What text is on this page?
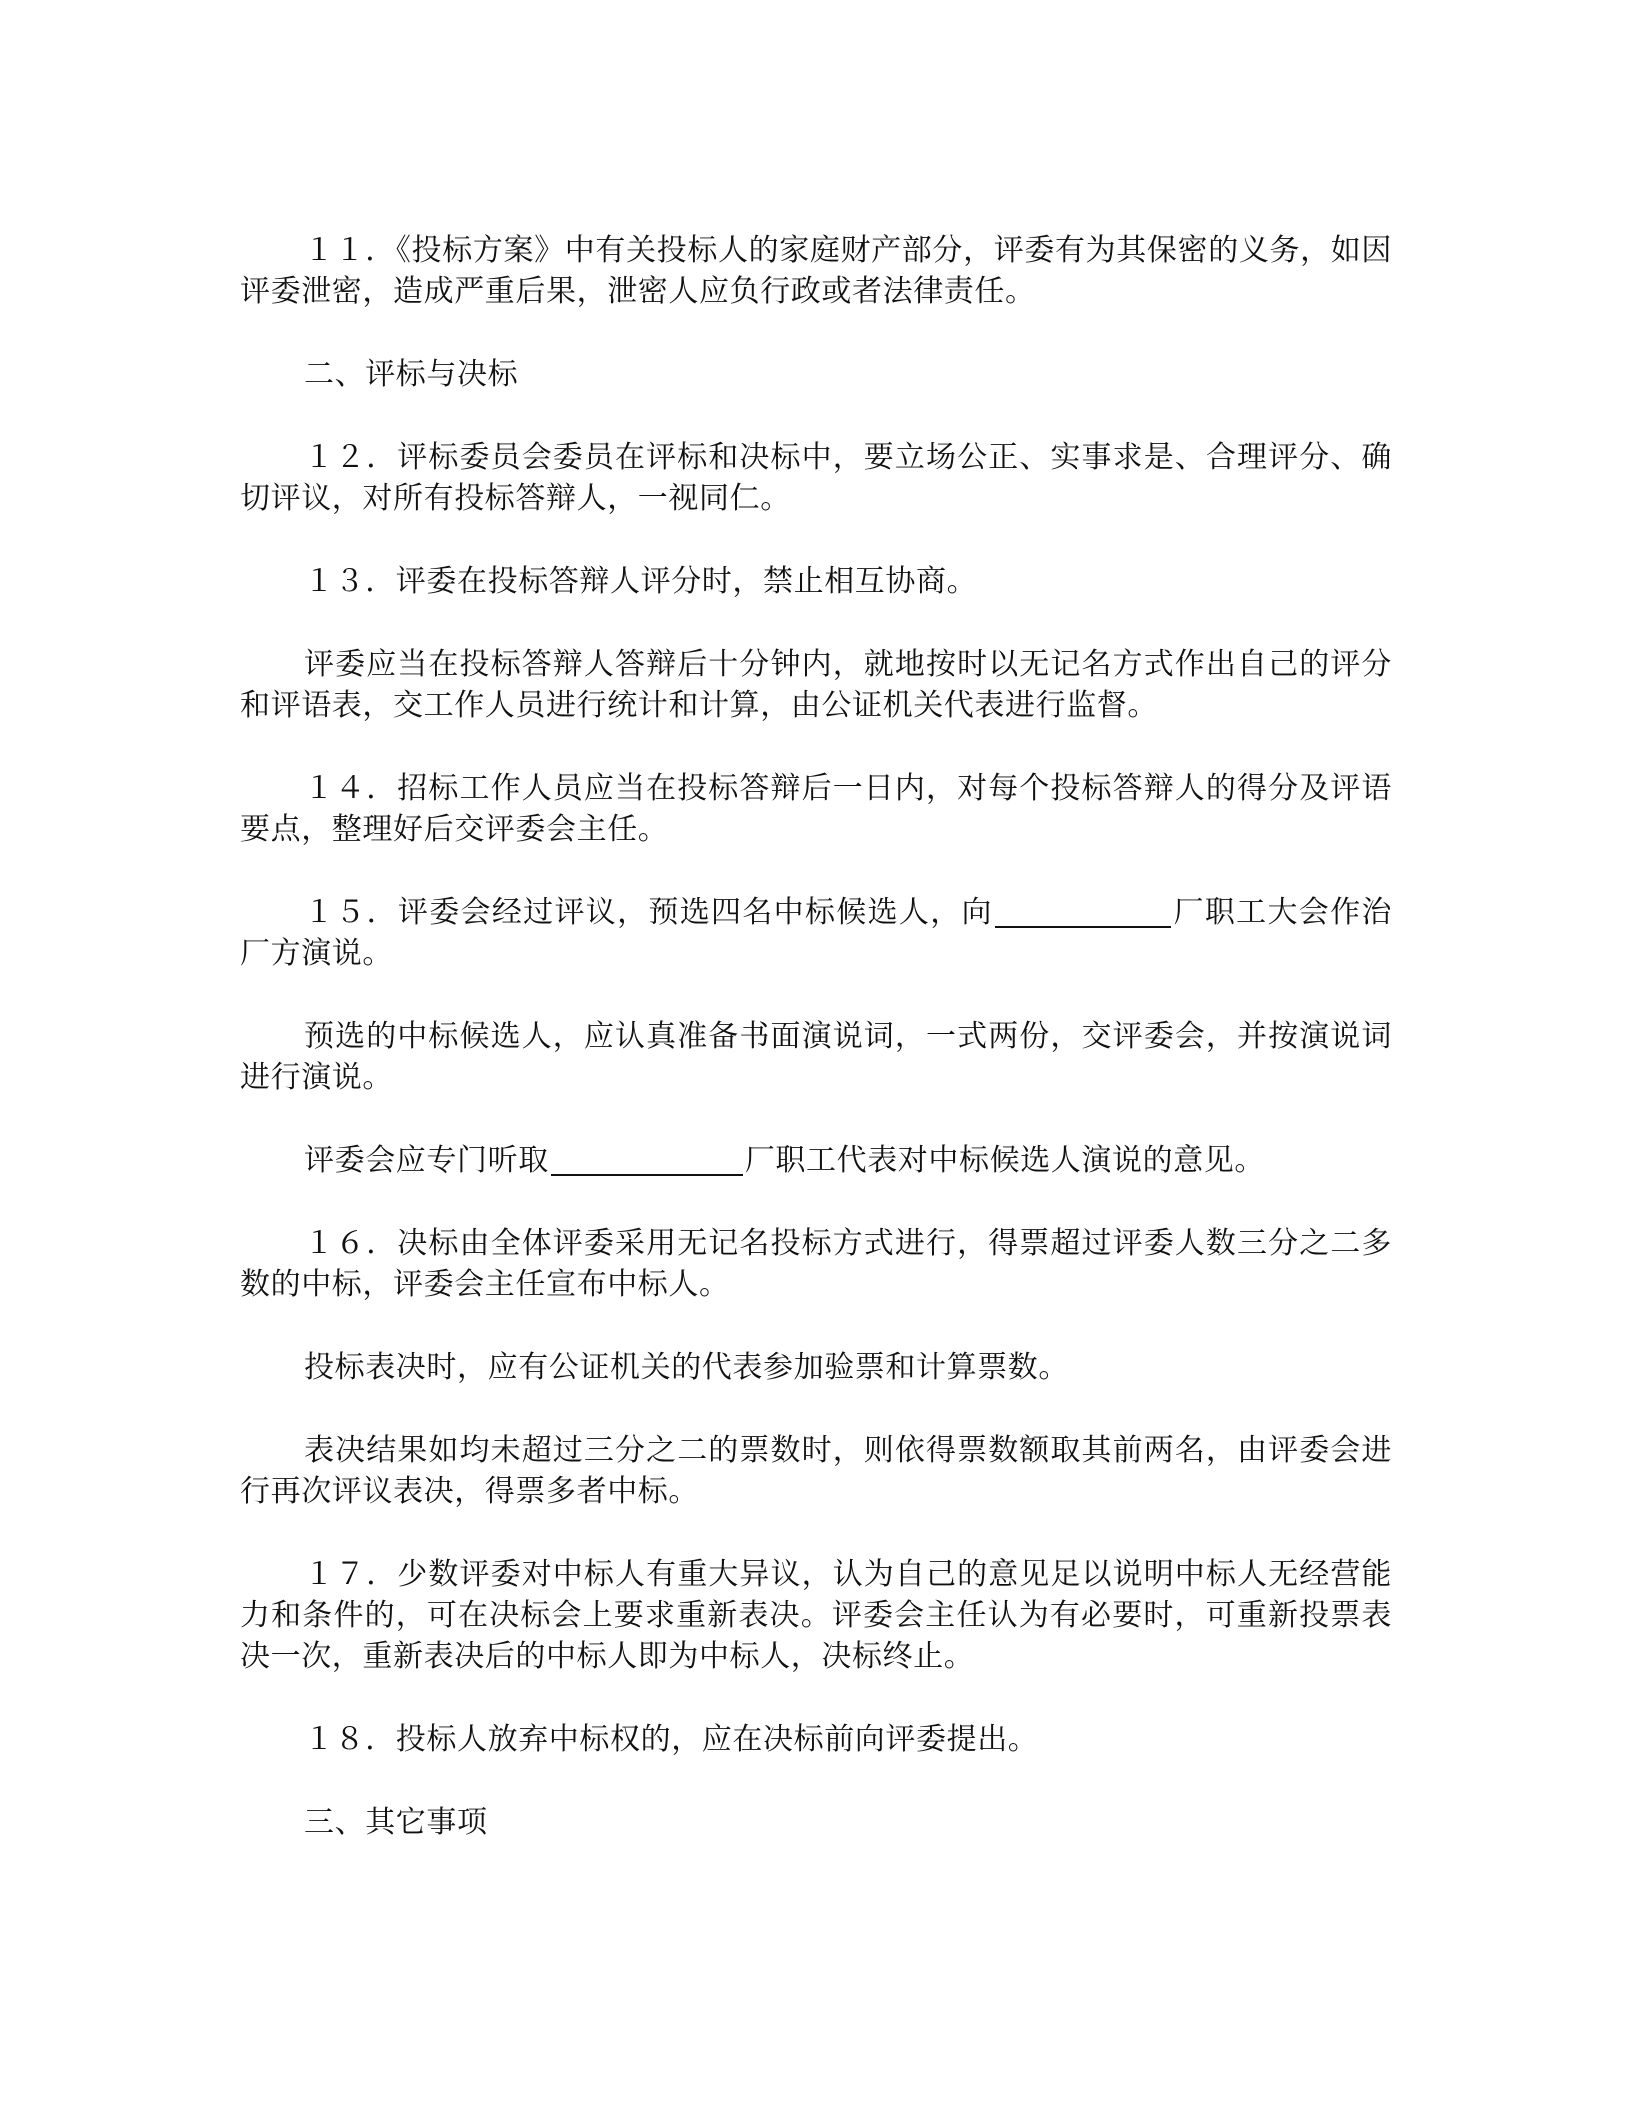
１１．《投标方案》中有关投标人的家庭财产部分，评委有为其保密的义务，如因评委泄密，造成严重后果，泄密人应负行政或者法律责任。

二、评标与决标

１２．评标委员会委员在评标和决标中，要立场公正、实事求是、合理评分、确切评议，对所有投标答辩人，一视同仁。

１３．评委在投标答辩人评分时，禁止相互协商。

评委应当在投标答辩人答辩后十分钟内，就地按时以无记名方式作出自己的评分和评语表，交工作人员进行统计和计算，由公证机关代表进行监督。

１４．招标工作人员应当在投标答辩后一日内，对每个投标答辩人的得分及评语要点，整理好后交评委会主任。

１５．评委会经过评议，预选四名中标候选人，向	厂职工大会作治厂方演说。

预选的中标候选人，应认真准备书面演说词，一式两份，交评委会，并按演说词进行演说。

评委会应专门听取	厂职工代表对中标候选人演说的意见。

１６．决标由全体评委采用无记名投标方式进行，得票超过评委人数三分之二多数的中标，评委会主任宣布中标人。

投标表决时，应有公证机关的代表参加验票和计算票数。

表决结果如均未超过三分之二的票数时，则依得票数额取其前两名，由评委会进行再次评议表决，得票多者中标。

１７．少数评委对中标人有重大异议，认为自己的意见足以说明中标人无经营能力和条件的，可在决标会上要求重新表决。评委会主任认为有必要时，可重新投票表决一次，重新表决后的中标人即为中标人，决标终止。

１８．投标人放弃中标权的，应在决标前向评委提出。

三、其它事项
